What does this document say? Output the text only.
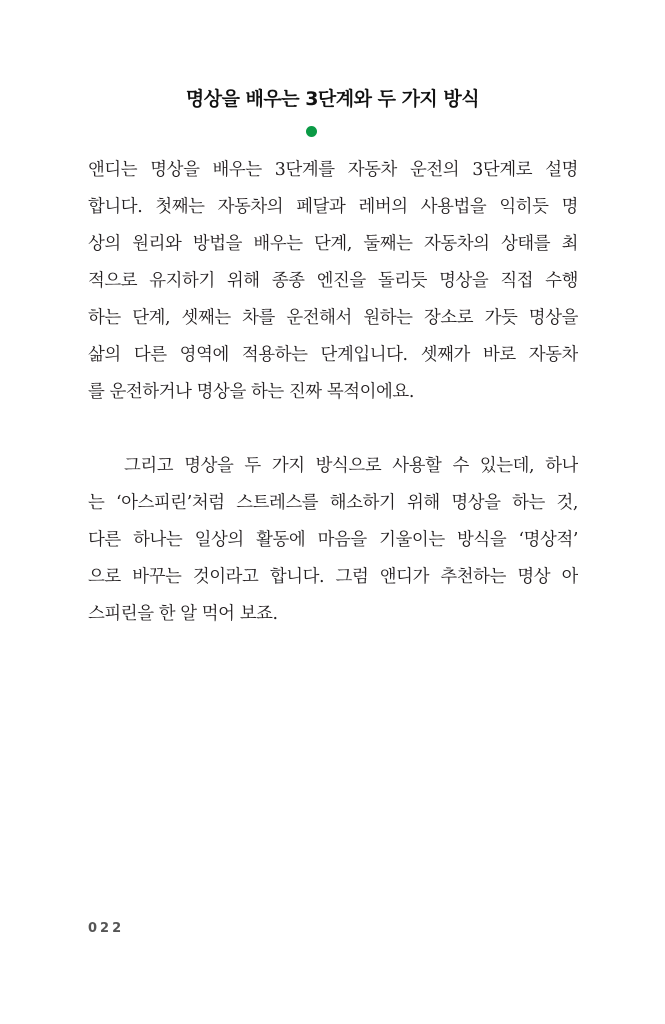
명상을 배우는 3단계와 두 가지 방식

앤디는 명상을 배우는 3단계를 자동차 운전의 3단계로 설명
합니다. 첫째는 자동차의 페달과 레버의 사용법을 익히듯 명
상의 원리와 방법을 배우는 단계, 둘째는 자동차의 상태를 최
적으로 유지하기 위해 종종 엔진을 돌리듯 명상을 직접 수행
하는 단계, 셋째는 차를 운전해서 원하는 장소로 가듯 명상을
삶의 다른 영역에 적용하는 단계입니다. 셋째가 바로 자동차
를 운전하거나 명상을 하는 진짜 목적이에요.

그리고 명상을 두 가지 방식으로 사용할 수 있는데, 하나
는 ‘아스피린’처럼 스트레스를 해소하기 위해 명상을 하는 것,
다른 하나는 일상의 활동에 마음을 기울이는 방식을 ‘명상적’
으로 바꾸는 것이라고 합니다. 그럼 앤디가 추천하는 명상 아
스피린을 한 알 먹어 보죠.

022
